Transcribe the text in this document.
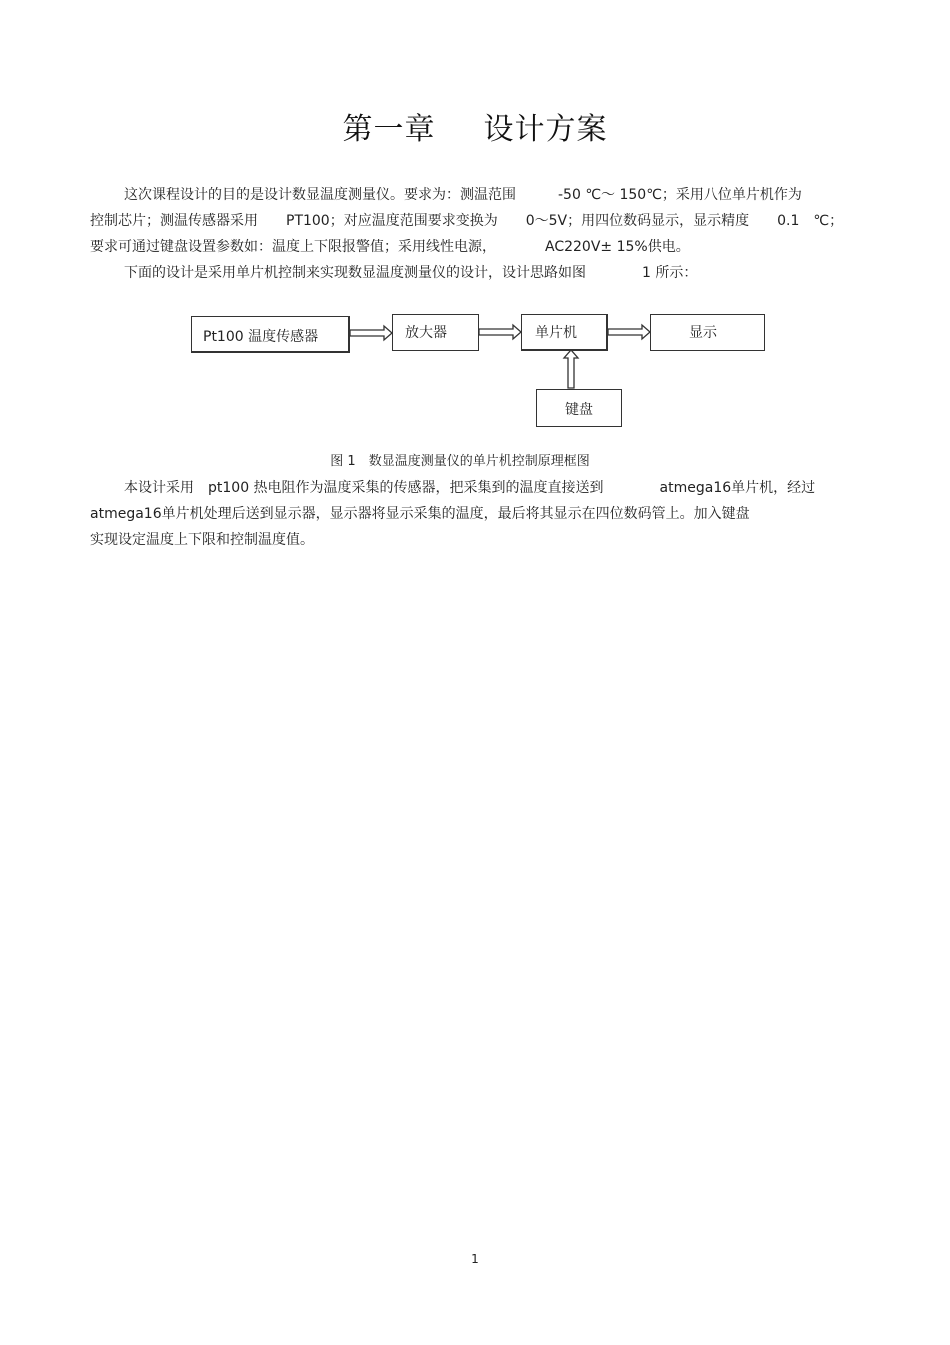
第一章 设计方案
这次课程设计的目的是设计数显温度测量仪。要求为：测温范围　　　-50 ℃～ 150℃；采用八位单片机作为
控制芯片；测温传感器采用　　PT100；对应温度范围要求变换为　　0～5V；用四位数码显示，显示精度　　0.1　℃；
要求可通过键盘设置参数如：温度上下限报警值；采用线性电源，　　　　AC220V± 15%供电。
下面的设计是采用单片机控制来实现数显温度测量仪的设计，设计思路如图　　　　1 所示：
Pt100 温度传感器	放大器	单片机	显示
键盘
图 1　数显温度测量仪的单片机控制原理框图
本设计采用　pt100 热电阻作为温度采集的传感器，把采集到的温度直接送到　　　　atmega16单片机，经过
atmega16单片机处理后送到显示器，显示器将显示采集的温度，最后将其显示在四位数码管上。加入键盘
实现设定温度上下限和控制温度值。
1
